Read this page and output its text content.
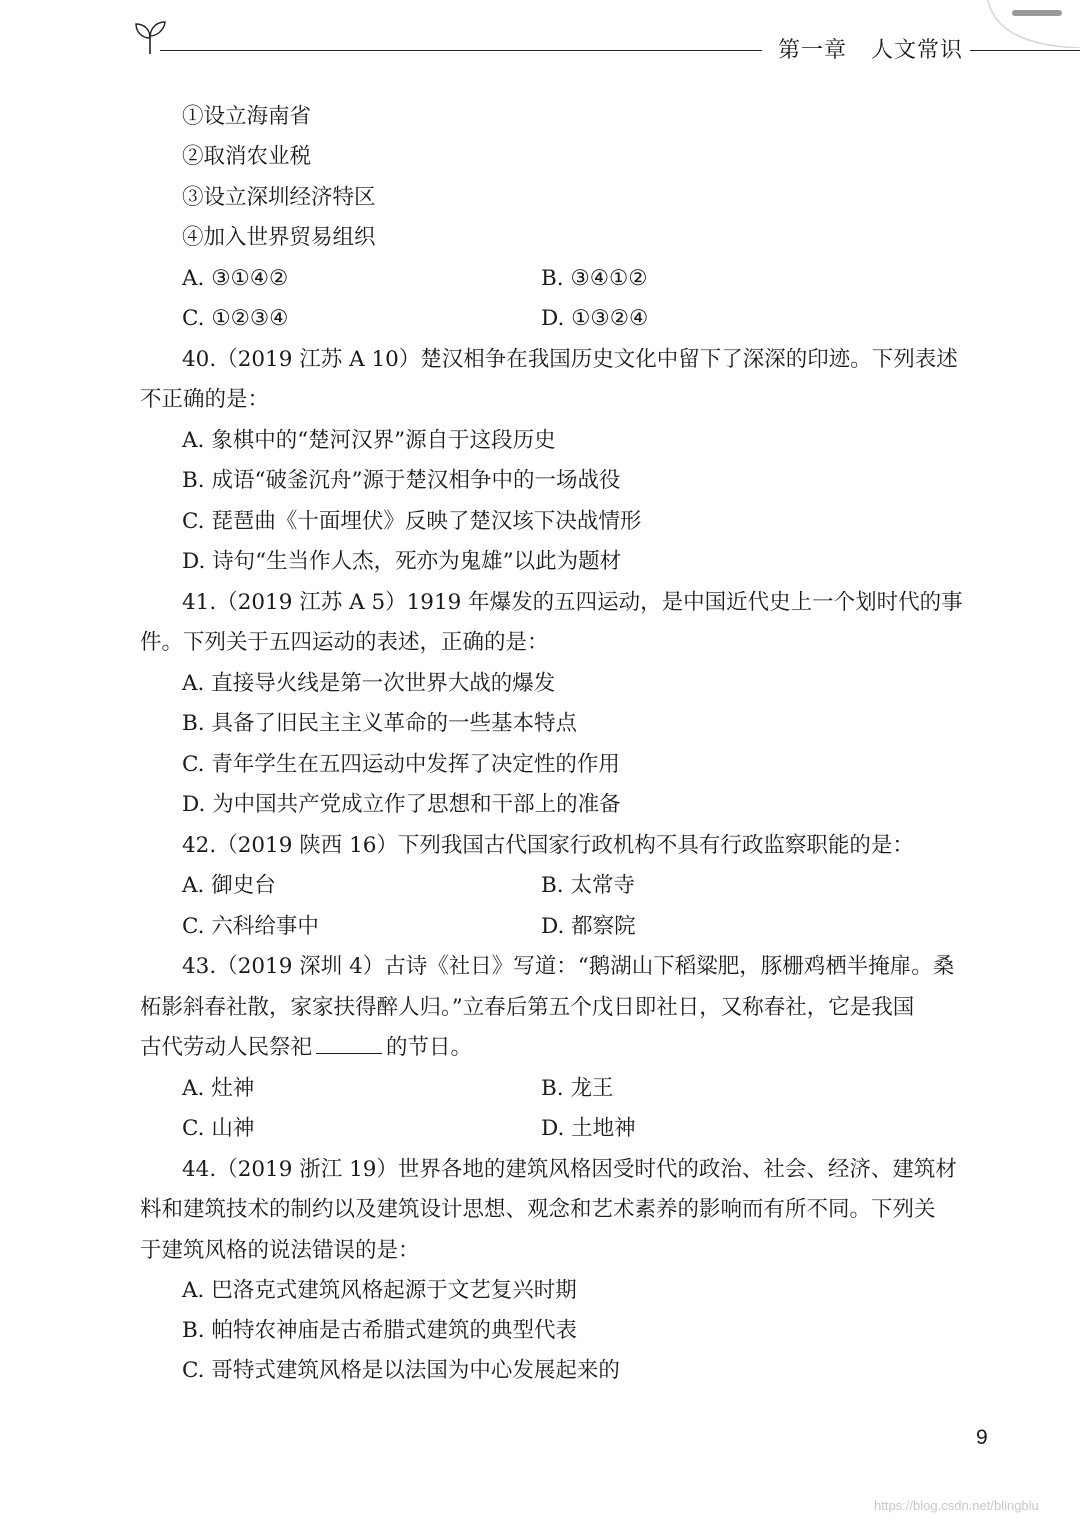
第一章 人文常识
①设立海南省
②取消农业税
③设立深圳经济特区
④加入世界贸易组织
A. ③①④②	B. ③④①②
C. ①②③④	D. ①③②④
40.（2019 江苏 A 10）楚汉相争在我国历史文化中留下了深深的印迹。下列表述
不正确的是：
A. 象棋中的“楚河汉界”源自于这段历史
B. 成语“破釜沉舟”源于楚汉相争中的一场战役
C. 琵琶曲《十面埋伏》反映了楚汉垓下决战情形
D. 诗句“生当作人杰，死亦为鬼雄”以此为题材
41.（2019 江苏 A 5）1919 年爆发的五四运动，是中国近代史上一个划时代的事
件。下列关于五四运动的表述，正确的是：
A. 直接导火线是第一次世界大战的爆发
B. 具备了旧民主主义革命的一些基本特点
C. 青年学生在五四运动中发挥了决定性的作用
D. 为中国共产党成立作了思想和干部上的准备
42.（2019 陕西 16）下列我国古代国家行政机构不具有行政监察职能的是：
A. 御史台	B. 太常寺
C. 六科给事中	D. 都察院
43.（2019 深圳 4）古诗《社日》写道：“鹅湖山下稻粱肥，豚栅鸡栖半掩扉。桑
柘影斜春社散，家家扶得醉人归。”立春后第五个戊日即社日，又称春社，它是我国
古代劳动人民祭祀	的节日。
A. 灶神	B. 龙王
C. 山神	D. 土地神
44.（2019 浙江 19）世界各地的建筑风格因受时代的政治、社会、经济、建筑材
料和建筑技术的制约以及建筑设计思想、观念和艺术素养的影响而有所不同。下列关
于建筑风格的说法错误的是：
A. 巴洛克式建筑风格起源于文艺复兴时期
B. 帕特农神庙是古希腊式建筑的典型代表
C. 哥特式建筑风格是以法国为中心发展起来的
9
https://blog.csdn.net/blingblu
